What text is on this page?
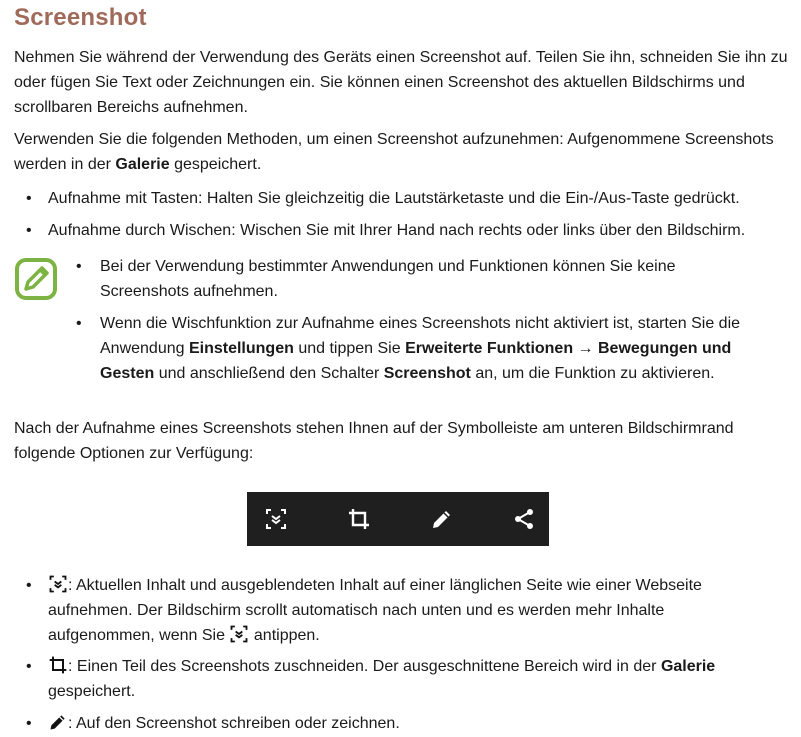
Screenshot

Nehmen Sie während der Verwendung des Geräts einen Screenshot auf. Teilen Sie ihn, schneiden Sie ihn zu oder fügen Sie Text oder Zeichnungen ein. Sie können einen Screenshot des aktuellen Bildschirms und scrollbaren Bereichs aufnehmen.

Verwenden Sie die folgenden Methoden, um einen Screenshot aufzunehmen: Aufgenommene Screenshots werden in der Galerie gespeichert.

•	Aufnahme mit Tasten: Halten Sie gleichzeitig die Lautstärketaste und die Ein-/Aus-Taste gedrückt.
•	Aufnahme durch Wischen: Wischen Sie mit Ihrer Hand nach rechts oder links über den Bildschirm.
•	Bei der Verwendung bestimmter Anwendungen und Funktionen können Sie keine Screenshots aufnehmen.
•	Wenn die Wischfunktion zur Aufnahme eines Screenshots nicht aktiviert ist, starten Sie die Anwendung Einstellungen und tippen Sie Erweiterte Funktionen → Bewegungen und Gesten und anschließend den Schalter Screenshot an, um die Funktion zu aktivieren.

Nach der Aufnahme eines Screenshots stehen Ihnen auf der Symbolleiste am unteren Bildschirmrand folgende Optionen zur Verfügung:

•	: Aktuellen Inhalt und ausgeblendeten Inhalt auf einer länglichen Seite wie einer Webseite aufnehmen. Der Bildschirm scrollt automatisch nach unten und es werden mehr Inhalte aufgenommen, wenn Sie  antippen.
•	: Einen Teil des Screenshots zuschneiden. Der ausgeschnittene Bereich wird in der Galerie gespeichert.
•	: Auf den Screenshot schreiben oder zeichnen.
